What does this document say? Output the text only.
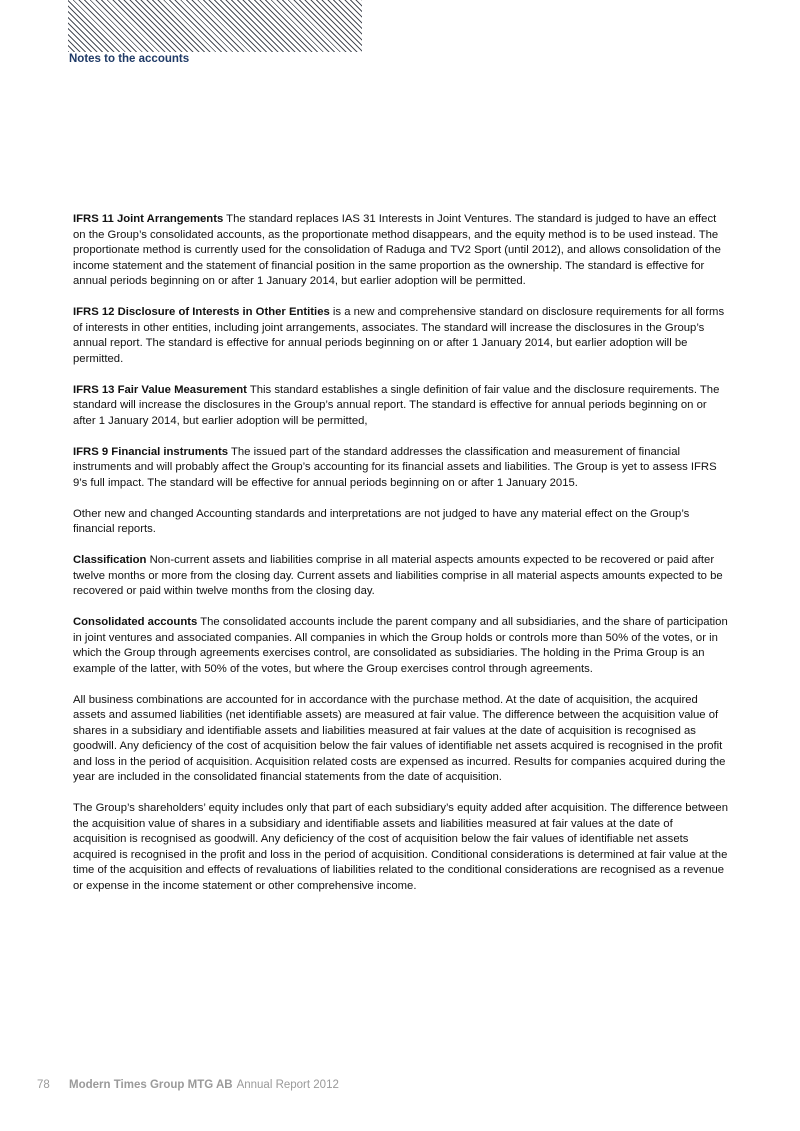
Notes to the accounts

IFRS 11 Joint Arrangements The standard replaces IAS 31 Interests in Joint Ventures. The standard is judged to have an effect on the Group’s consolidated accounts, as the proportionate method disappears, and the equity method is to be used instead. The proportionate method is currently used for the consolidation of Raduga and TV2 Sport (until 2012), and allows consolidation of the income statement and the statement of financial position in the same proportion as the ownership. The standard is effective for annual periods beginning on or after 1 January 2014, but earlier adoption will be permitted.

IFRS 12 Disclosure of Interests in Other Entities is a new and comprehensive standard on disclosure requirements for all forms of interests in other entities, including joint arrangements, associates. The standard will increase the disclosures in the Group’s annual report. The standard is effective for annual periods beginning on or after 1 January 2014, but earlier adoption will be permitted.

IFRS 13 Fair Value Measurement This standard establishes a single definition of fair value and the disclosure requirements. The standard will increase the disclosures in the Group’s annual report. The standard is effective for annual periods beginning on or after 1 January 2014, but earlier adoption will be permitted,

IFRS 9 Financial instruments The issued part of the standard addresses the classification and measurement of financial instruments and will probably affect the Group’s accounting for its financial assets and liabilities. The Group is yet to assess IFRS 9’s full impact. The standard will be effective for annual periods beginning on or after 1 January 2015.

Other new and changed Accounting standards and interpretations are not judged to have any material effect on the Group’s financial reports.

Classification Non-current assets and liabilities comprise in all material aspects amounts expected to be recovered or paid after twelve months or more from the closing day. Current assets and liabilities comprise in all material aspects amounts expected to be recovered or paid within twelve months from the closing day.

Consolidated accounts The consolidated accounts include the parent company and all subsidiaries, and the share of participation in joint ventures and associated companies. All companies in which the Group holds or controls more than 50% of the votes, or in which the Group through agreements exercises control, are consolidated as subsidiaries. The holding in the Prima Group is an example of the latter, with 50% of the votes, but where the Group exercises control through agreements.

All business combinations are accounted for in accordance with the purchase method. At the date of acquisition, the acquired assets and assumed liabilities (net identifiable assets) are measured at fair value. The difference between the acquisition value of shares in a subsidiary and identifiable assets and liabilities measured at fair values at the date of acquisition is recognised as goodwill. Any deficiency of the cost of acquisition below the fair values of identifiable net assets acquired is recognised in the profit and loss in the period of acquisition. Acquisition related costs are expensed as incurred. Results for companies acquired during the year are included in the consolidated financial statements from the date of acquisition.

The Group’s shareholders’ equity includes only that part of each subsidiary’s equity added after acquisition. The difference between the acquisition value of shares in a subsidiary and identifiable assets and liabilities measured at fair values at the date of acquisition is recognised as goodwill. Any deficiency of the cost of acquisition below the fair values of identifiable net assets acquired is recognised in the profit and loss in the period of acquisition. Conditional considerations is determined at fair value at the time of the acquisition and effects of revaluations of liabilities related to the conditional considerations are recognised as a revenue or expense in the income statement or other comprehensive income.

78 Modern Times Group MTG AB Annual Report 2012
